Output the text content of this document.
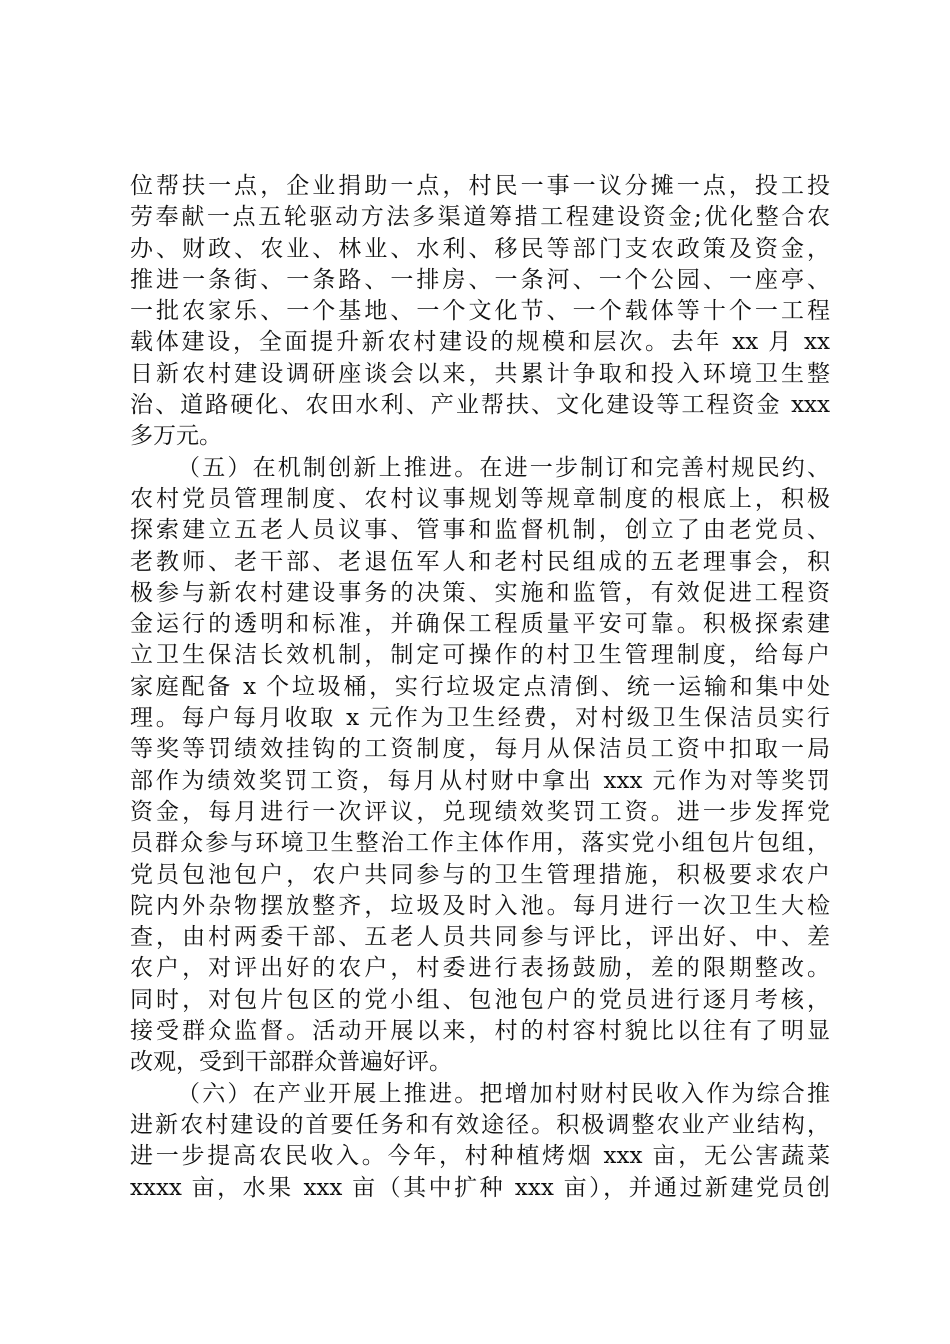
位帮扶一点，企业捐助一点，村民一事一议分摊一点，投工投
劳奉献一点五轮驱动方法多渠道筹措工程建设资金;优化整合农
办、财政、农业、林业、水利、移民等部门支农政策及资金，
推进一条街、一条路、一排房、一条河、一个公园、一座亭、
一批农家乐、一个基地、一个文化节、一个载体等十个一工程
载体建设，全面提升新农村建设的规模和层次。去年 xx 月 xx
日新农村建设调研座谈会以来，共累计争取和投入环境卫生整
治、道路硬化、农田水利、产业帮扶、文化建设等工程资金 xxx
多万元。
（五）在机制创新上推进。在进一步制订和完善村规民约、
农村党员管理制度、农村议事规划等规章制度的根底上，积极
探索建立五老人员议事、管事和监督机制，创立了由老党员、
老教师、老干部、老退伍军人和老村民组成的五老理事会，积
极参与新农村建设事务的决策、实施和监管，有效促进工程资
金运行的透明和标准，并确保工程质量平安可靠。积极探索建
立卫生保洁长效机制，制定可操作的村卫生管理制度，给每户
家庭配备 x 个垃圾桶，实行垃圾定点清倒、统一运输和集中处
理。每户每月收取 x 元作为卫生经费，对村级卫生保洁员实行
等奖等罚绩效挂钩的工资制度，每月从保洁员工资中扣取一局
部作为绩效奖罚工资，每月从村财中拿出 xxx 元作为对等奖罚
资金，每月进行一次评议，兑现绩效奖罚工资。进一步发挥党
员群众参与环境卫生整治工作主体作用，落实党小组包片包组，
党员包池包户，农户共同参与的卫生管理措施，积极要求农户
院内外杂物摆放整齐，垃圾及时入池。每月进行一次卫生大检
查，由村两委干部、五老人员共同参与评比，评出好、中、差
农户，对评出好的农户，村委进行表扬鼓励，差的限期整改。
同时，对包片包区的党小组、包池包户的党员进行逐月考核，
接受群众监督。活动开展以来，村的村容村貌比以往有了明显
改观，受到干部群众普遍好评。
（六）在产业开展上推进。把增加村财村民收入作为综合推
进新农村建设的首要任务和有效途径。积极调整农业产业结构，
进一步提高农民收入。今年，村种植烤烟 xxx 亩，无公害蔬菜
xxxx 亩，水果 xxx 亩（其中扩种 xxx 亩），并通过新建党员创
